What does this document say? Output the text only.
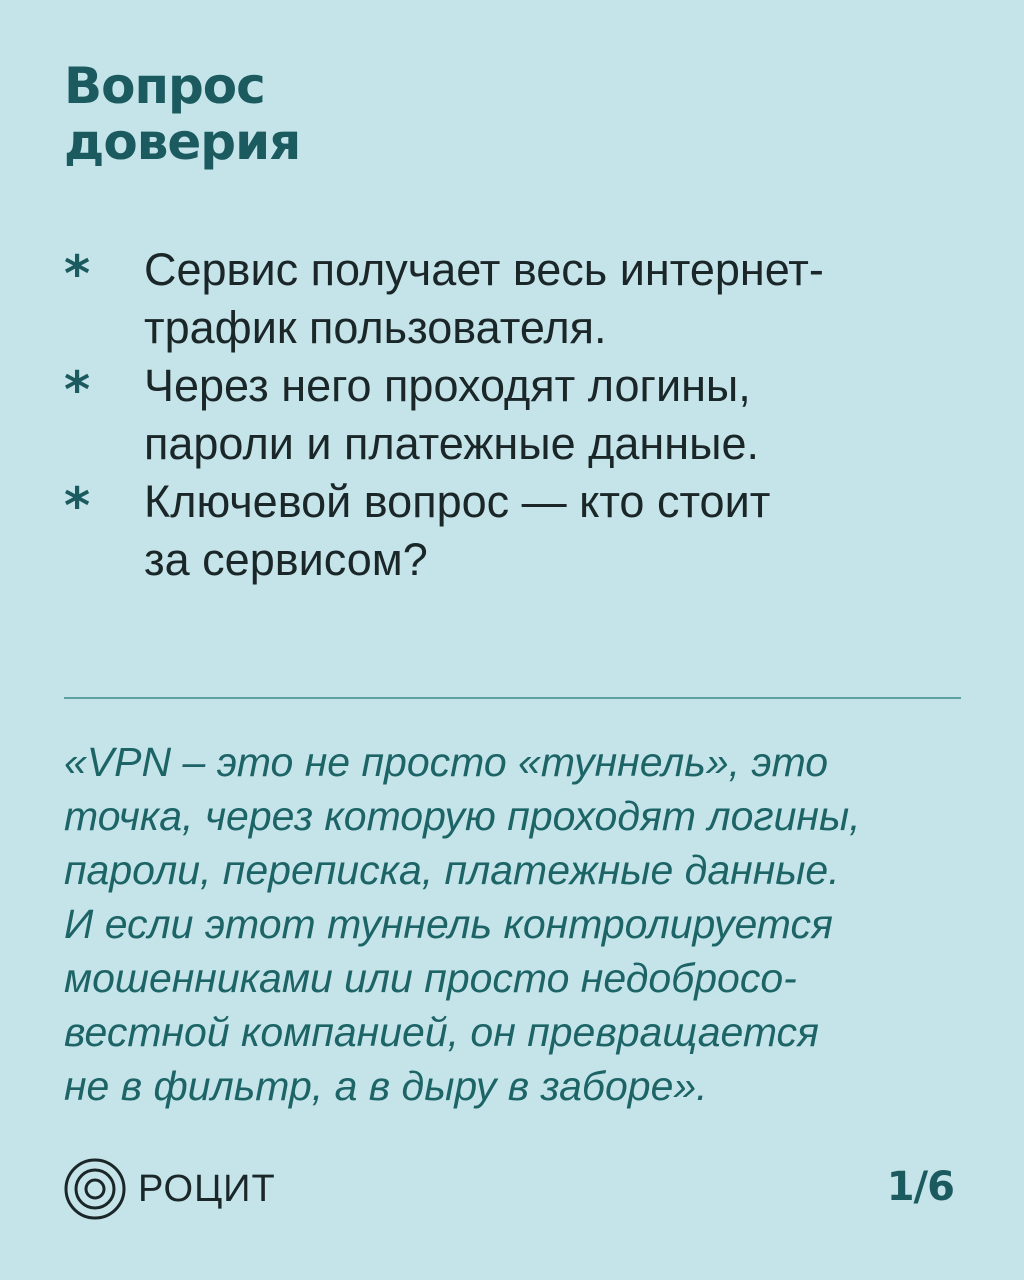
Вопрос
доверия
*	Сервис получает весь интернет-
трафик пользователя.
*	Через него проходят логины,
пароли и платежные данные.
*	Ключевой вопрос — кто стоит
за сервисом?
«VPN – это не просто «туннель», это
точка, через которую проходят логины,
пароли, переписка, платежные данные.
И если этот туннель контролируется
мошенниками или просто недобросо-
вестной компанией, он превращается
не в фильтр, а в дыру в заборе».
РОЦИТ	1/6
